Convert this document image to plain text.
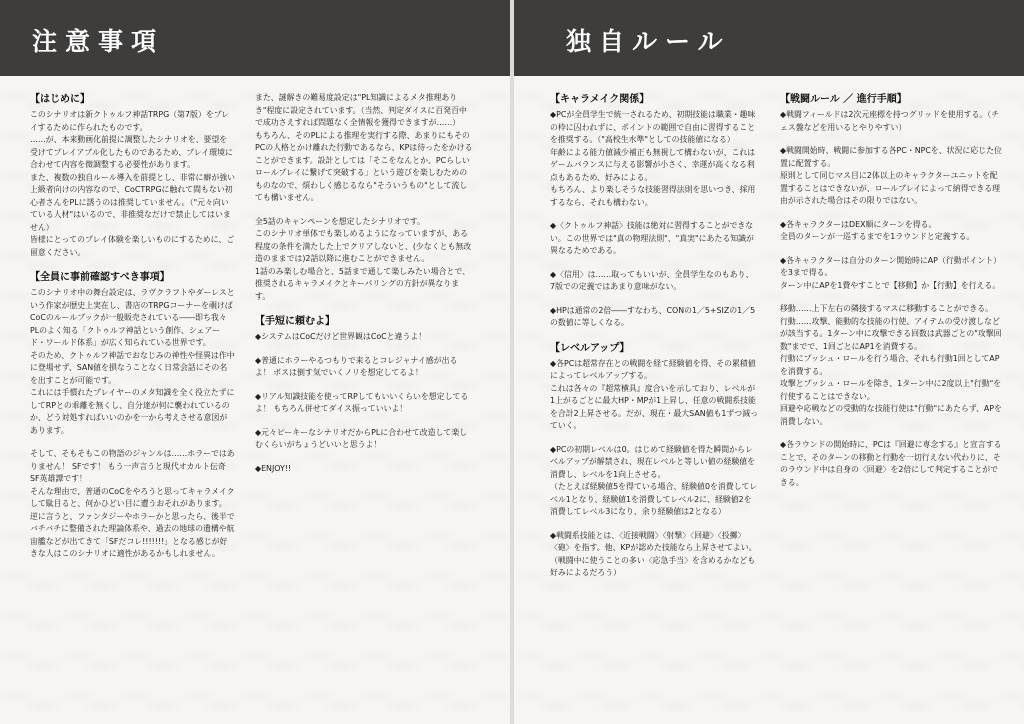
注意事項
【はじめに】

このシナリオは新クトゥルフ神話TRPG（第7版）をプレイするために作られたものです。

……が、本来動画化前提に調整したシナリオを、要望を受けてプレイアブル化したものであるため、プレイ環境に合わせて内容を微調整する必要性があります。

また、複数の独自ルール導入を前提とし、非常に癖が強い上級者向けの内容なので、CoCTRPGに触れて間もない初心者さんをPLに誘うのは推奨していません。（"元々向いている人材"はいるので、非推奨なだけで禁止してはいません）

皆様にとってのプレイ体験を楽しいものにするために、ご留意ください。

【全員に事前確認すべき事項】

このシナリオ中の舞台設定は、ラヴクラフトやダーレスという作家が歴史上実在し、書店のTRPGコーナーを覗けばCoCのルールブックが一般販売されている――即ち我々PLのよく知る「クトゥルフ神話という創作、シェアード・ワールド体系」が広く知られている世界です。

そのため、クトゥルフ神話でおなじみの神性や怪異は作中に登場せず、SAN値を損なうことなく日常会話にその名を出すことが可能です。

これには手慣れたプレイヤーのメタ知識を全く役立たずにしてRPとの乖離を無くし、自分達が何に襲われているのか、どう対処すればいいのかを一から考えさせる意図があります。

そして、そもそもこの物語のジャンルは……ホラーではありません！ SFです！ もう一声言うと現代オカルト伝奇SF英雄譚です！

そんな理由で、普通のCoCをやろうと思ってキャラメイクして駄目ると、何かひどい目に遭うおそれがあります。

逆に言うと、ファンタジーやホラーかと思ったら、後半でバチバチに整備された理論体系や、過去の地球の遺構や航宙艦などが出てきて「SFだコレ!!!!!!!」となる感じが好きな人はこのシナリオに適性があるかもしれません。

また、謎解きの難易度設定は"PL知識によるメタ推理ありき"程度に設定されています。（当然、判定ダイスに百発百中で成功さえすれば問題なく全情報を獲得できますが……）

もちろん、そのPLによる推理を実行する際、あまりにもそのPCの人格とかけ離れた行動であるなら、KPは待ったをかけることができます。設計としては「そこをなんとか、PCらしいロールプレイに繋げて突破する」という遊びを楽しむためのものなので、煩わしく感じるなら"そういうもの"として流しても構いません。

全5話のキャンペーンを想定したシナリオです。

このシナリオ単体でも楽しめるようになっていますが、ある程度の条件を満たした上でクリアしないと、(少なくとも無改造のままでは)2話以降に進むことができません。

1話のみ楽しむ場合と、5話まで通して楽しみたい場合とで、推奨されるキャラメイクとキーパリングの方針が異なります。

【手短に頼むよ】

◆システムはCoCだけど世界観はCoCと違うよ！

◆普通にホラーやるつもりで来るとコレジャナイ感が出るよ！ ボスは倒す気でいくノリを想定してるよ！

◆リアル知識技能を使ってRPしてもいいくらいを想定してるよ！ もちろん併せてダイス振っていいよ！

◆元々ピーキーなシナリオだからPLに合わせて改造して楽しむくらいがちょうどいいと思うよ！

◆ENJOY!!

独自ルール
【キャラメイク関係】

◆PCが全員学生で統一されるため、初期技能は職業・趣味の枠に囚われずに、ポイントの範囲で自由に習得することを推奨する。（"高校生水準"としての技能値になる）

年齢による能力値減少補正も無視して構わないが、これはゲームバランスに与える影響が小さく、幸運が高くなる利点もあるため、好みによる。

もちろん、より楽しそうな技能習得法則を思いつき、採用するなら、それも構わない。

◆〈クトゥルフ神話〉技能は絶対に習得することができない。この世界では"真の物理法則"、"真実"にあたる知識が異なるためである。

◆〈信用〉は……取ってもいいが、全員学生なのもあり、7版での定義ではあまり意味がない。

◆HPは通常の2倍――すなわち、CONの1／5+SIZの1／5の数値に等しくなる。

【レベルアップ】

◆各PCは超常存在との戦闘を経て経験値を得、その累積値によってレベルアップする。

これは各々の『超常横具』度合いを示しており、レベルが1上がるごとに最大HP・MPが1上昇し、任意の戦闘系技能を合計2上昇させる。だが、現在・最大SAN値も1ずつ減っていく。

◆PCの初期レベルは0。はじめて経験値を得た瞬間からレベルアップが解禁され、現在レベルと等しい値の経験値を消費し、レベルを1向上させる。

（たとえば経験値5を得ている場合、経験値0を消費してレベル1となり、経験値1を消費してレベル2に、経験値2を消費してレベル3になり、余り経験値は2となる）

◆戦闘系技能とは、〈近接戦闘〉〈射撃〉〈回避〉〈投擲〉〈砲〉を指す。他、KPが認めた技能なら上昇させてよい。（戦闘中に使うことの多い〈応急手当〉を含めるかなども好みによるだろう）

【戦闘ルール ／ 進行手順】

◆戦闘フィールドは2次元座標を持つグリッドを使用する。（チェス盤などを用いるとやりやすい）

◆戦闘開始時、戦闘に参加する各PC・NPCを、状況に応じた位置に配置する。

原則として同じマス目に2体以上のキャラクターユニットを配置することはできないが、ロールプレイによって納得できる理由が示された場合はその限りではない。

◆各キャラクターはDEX順にターンを得る。

全員のターンが一巡するまでを1ラウンドと定義する。

◆各キャラクターは自分のターン開始時にAP（行動ポイント）を3まで得る。

ターン中にAPを1費やすことで【移動】か【行動】を行える。

移動……上下左右の隣接するマスに移動することができる。

行動……攻撃、能動的な技能の行使、アイテムの受け渡しなどが該当する。1ターン中に攻撃できる回数は武器ごとの"攻撃回数"までで、1回ごとにAP1を消費する。

行動にプッシュ・ロールを行う場合、それも行動1回としてAPを消費する。

攻撃とプッシュ・ロールを除き、1ターン中に2度以上"行動"を行使することはできない。

回避や応戦などの受動的な技能行使は"行動"にあたらず、APを消費しない。

◆各ラウンドの開始時に、PCは『回避に専念する』と宣言することで、そのターンの移動と行動を一切行えない代わりに、そのラウンド中は自身の〈回避〉を2倍にして判定することができる。
